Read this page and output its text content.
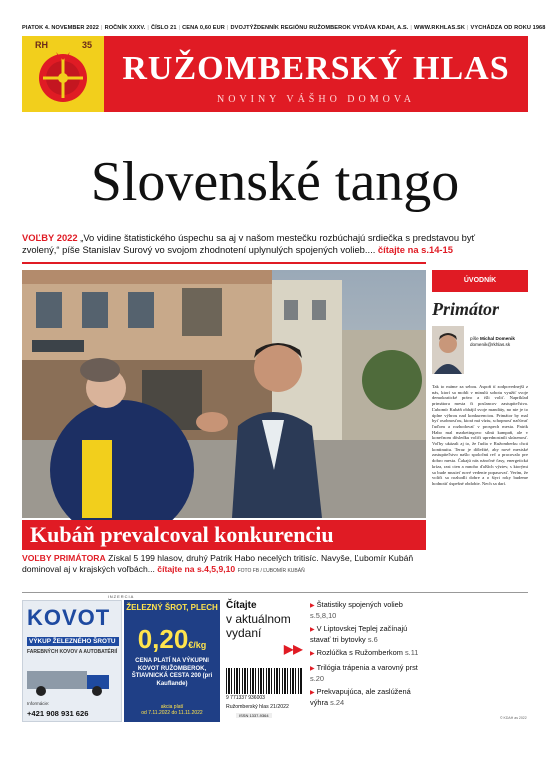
PIATOK 4. NOVEMBER 2022 | ROČNÍK XXXV. | ČÍSLO 21 | CENA 0,60 EUR | DVOJTÝŽDENNÍK REGIÓNU RUŽOMBEROK VYDÁVA KDAH, A.S. | WWW.RKHLAS.SK | VYCHÁDZA OD ROKU 1968
RH	35
RUŽOMBERSKÝ HLAS
NOVINY VÁŠHO DOMOVA
Slovenské tango

VOĽBY 2022 „Vo vidine štatistického úspechu sa aj v našom mestečku rozbúchajú srdiečka s predstavou byť zvolený,“ píše Stanislav Surový vo svojom zhodnotení uplynulých spojených volieb.... čítajte na s.14-15

Kubáň prevalcoval konkurenciu

VOĽBY PRIMÁTORA Získal 5 199 hlasov, druhý Patrik Habo necelých tritisíc. Navyše, Ľubomír Kubáň dominoval aj v krajských voľbách... čítajte na s.4,5,9,10 FOTO FB / ĽUBOMÍR KUBÁŇ

ÚVODNÍK
Primátor
píše Michal Domenik
domenik@rkhlas.sk
Tak to máme za sebou. Aspoň tí zodpovednejší z nás, ktorí sa mohli v minulú sobotu využiť svoje demokratické právo a išli voliť. Napríklad primátora mesta či poslancov zastupiteľstva. Ľubomír Kubáň obhájil svoje mandáty, no nie je to úplne výhrou nad konkurenciou. Primátor by mal byť osobnosťou, ktorá má víziu, schopnosť načúvať ľuďom a rozhodovať v prospech mesta. Patrik Habo mal marketingovo silnú kampaň, ale v konečnom dôsledku voliči uprednostnili skúsenosť. Voľby ukázali aj to, že ľudia v Ružomberku chcú kontinuitu. Teraz je dôležité, aby nové mestské zastupiteľstvo našlo spoločnú reč a pracovalo pre dobro mesta. Čakajú nás náročné časy, energetická kríza, rast cien a mnoho ďalších výziev, s ktorými sa bude musieť nové vedenie popasovať. Verím, že voliči sa rozhodli dobre a o štyri roky budeme hodnotiť úspešné obdobie. Nech sa darí.
© KDAH as 2022
INZERCIA
KOVOT
VÝKUP ŽELEZNÉHO ŠROTU
FAREBNÝCH KOVOV A AUTOBATÉRIÍ
Informácie:
+421 908 931 626
ŽELEZNÝ ŠROT, PLECH
0,20€/kg
CENA PLATÍ NA VÝKUPNI KOVOT RUŽOMBEROK, ŠTIAVNICKÁ CESTA 200 (pri Kauflande)
akcia platí
od 7.11.2022 do 11.11.2022
Čítajte
v aktuálnom vydaní
▶▶
9 771337 936003
Ružomberský hlas 21/2022
ISSN 1337-9364
▶ Štatistiky spojených volieb s.5,8,10
▶ V Liptovskej Teplej začínajú stavať tri bytovky s.6
▶ Rozlúčka s Ružomberkom s.11
▶ Trilógia trápenia a varovný prst s.20
▶ Prekvapujúca, ale zaslúžená výhra s.24
